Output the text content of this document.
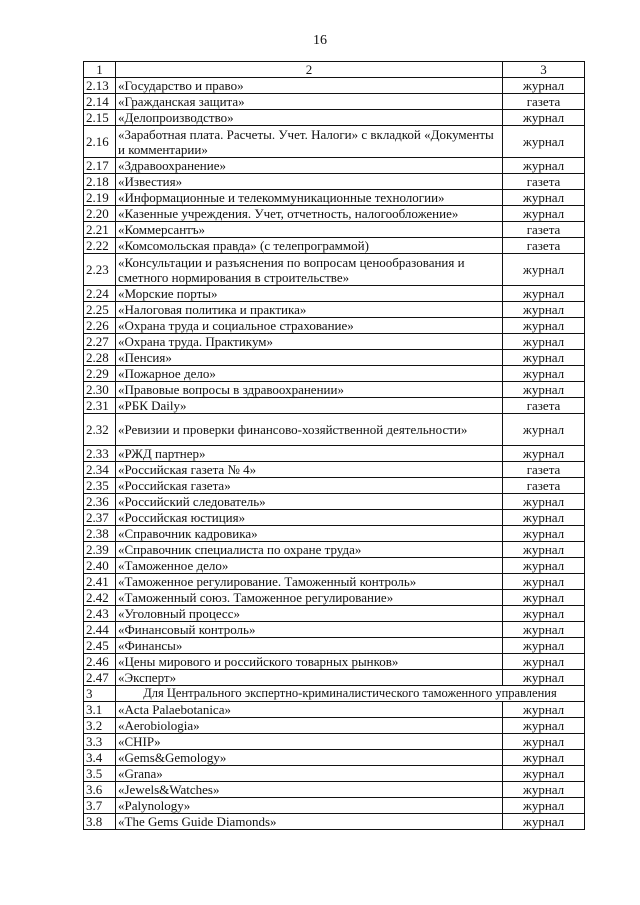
16
1	2	3
2.13	«Государство и право»	журнал
2.14	«Гражданская защита»	газета
2.15	«Делопроизводство»	журнал
2.16	«Заработная плата. Расчеты. Учет. Налоги» с вкладкой «Документы и комментарии»	журнал
2.17	«Здравоохранение»	журнал
2.18	«Известия»	газета
2.19	«Информационные и телекоммуникационные технологии»	журнал
2.20	«Казенные учреждения. Учет, отчетность, налогообложение»	журнал
2.21	«Коммерсантъ»	газета
2.22	«Комсомольская правда» (с телепрограммой)	газета
2.23	«Консультации и разъяснения по вопросам ценообразования и сметного нормирования в строительстве»	журнал
2.24	«Морские порты»	журнал
2.25	«Налоговая политика и практика»	журнал
2.26	«Охрана труда и социальное страхование»	журнал
2.27	«Охрана труда. Практикум»	журнал
2.28	«Пенсия»	журнал
2.29	«Пожарное дело»	журнал
2.30	«Правовые вопросы в здравоохранении»	журнал
2.31	«РБК Daily»	газета
2.32	«Ревизии и проверки финансово-хозяйственной деятельности»	журнал
2.33	«РЖД партнер»	журнал
2.34	«Российская газета № 4»	газета
2.35	«Российская газета»	газета
2.36	«Российский следователь»	журнал
2.37	«Российская юстиция»	журнал
2.38	«Справочник кадровика»	журнал
2.39	«Справочник специалиста по охране труда»	журнал
2.40	«Таможенное дело»	журнал
2.41	«Таможенное регулирование. Таможенный контроль»	журнал
2.42	«Таможенный союз. Таможенное регулирование»	журнал
2.43	«Уголовный процесс»	журнал
2.44	«Финансовый контроль»	журнал
2.45	«Финансы»	журнал
2.46	«Цены мирового и российского товарных рынков»	журнал
2.47	«Эксперт»	журнал
3	Для Центрального экспертно-криминалистического таможенного управления	
3.1	«Acta Palaebotanica»	журнал
3.2	«Aerobiologia»	журнал
3.3	«CHIP»	журнал
3.4	«Gems&Gemology»	журнал
3.5	«Grana»	журнал
3.6	«Jewels&Watches»	журнал
3.7	«Palynology»	журнал
3.8	«The Gems Guide Diamonds»	журнал
